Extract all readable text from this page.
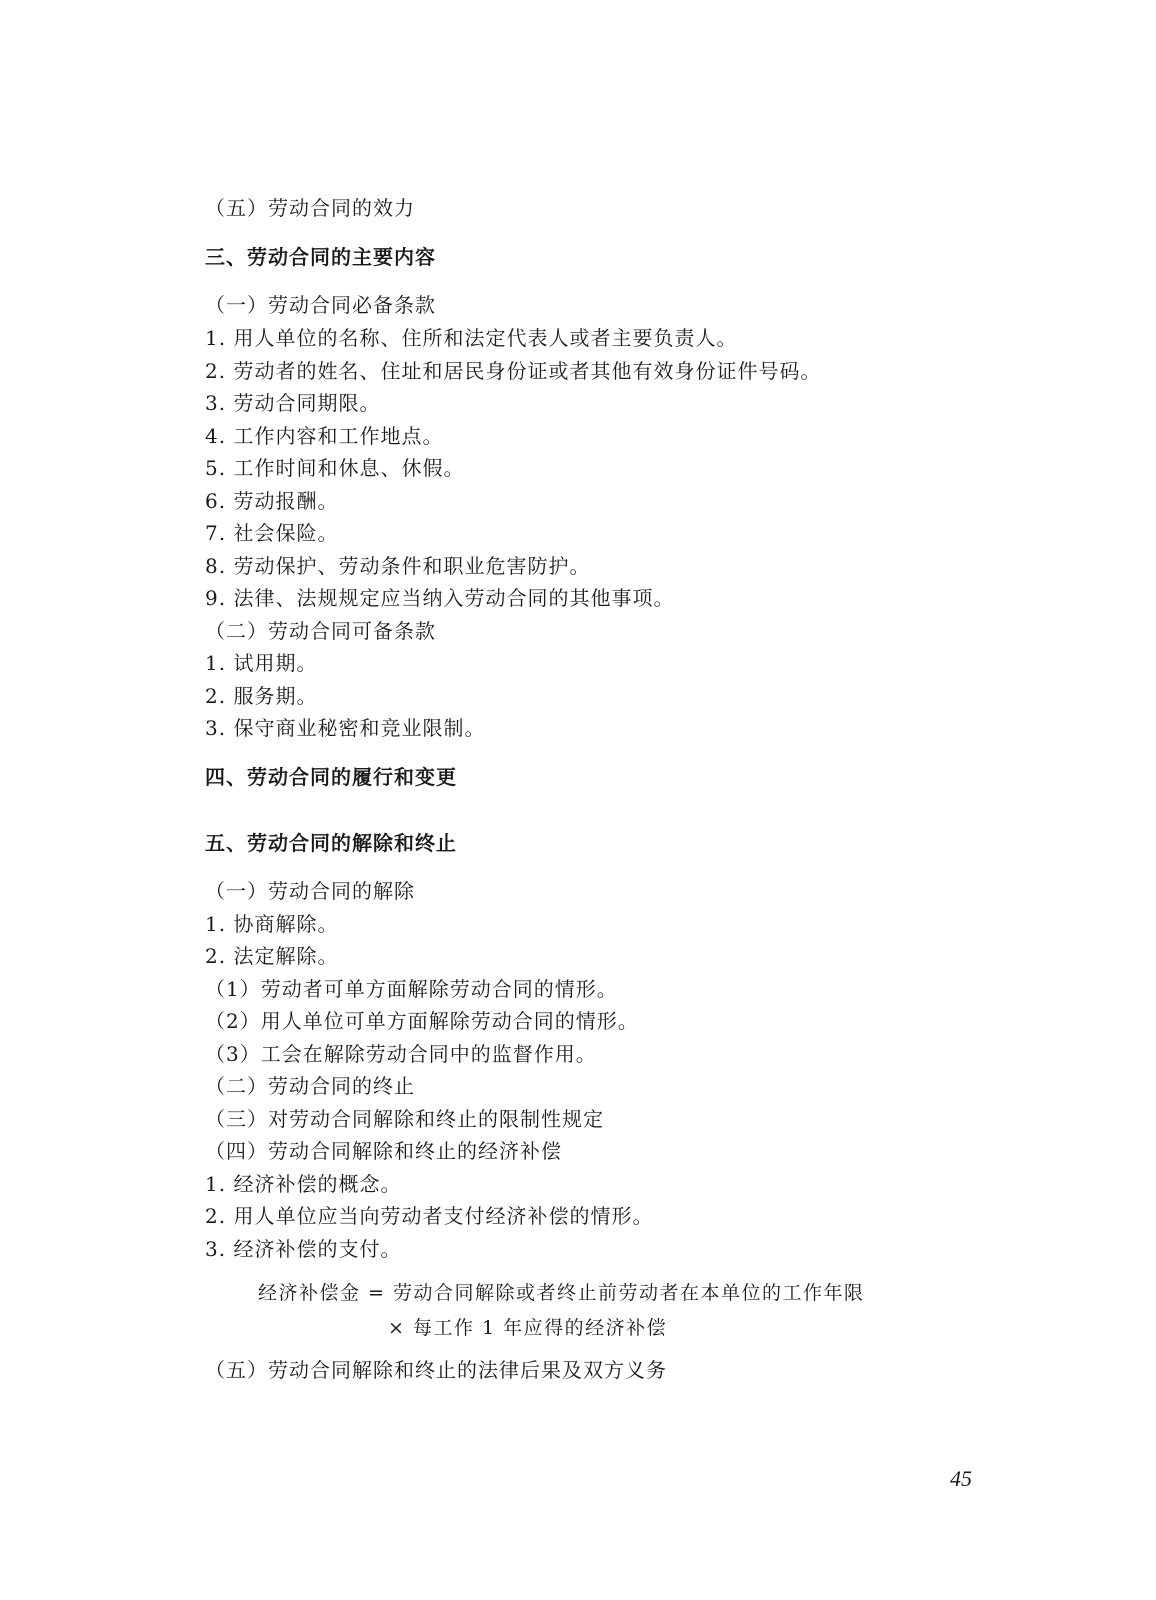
（五）劳动合同的效力
三、劳动合同的主要内容
（一）劳动合同必备条款
1. 用人单位的名称、住所和法定代表人或者主要负责人。
2. 劳动者的姓名、住址和居民身份证或者其他有效身份证件号码。
3. 劳动合同期限。
4. 工作内容和工作地点。
5. 工作时间和休息、休假。
6. 劳动报酬。
7. 社会保险。
8. 劳动保护、劳动条件和职业危害防护。
9. 法律、法规规定应当纳入劳动合同的其他事项。
（二）劳动合同可备条款
1. 试用期。
2. 服务期。
3. 保守商业秘密和竞业限制。
四、劳动合同的履行和变更
五、劳动合同的解除和终止
（一）劳动合同的解除
1. 协商解除。
2. 法定解除。
（1）劳动者可单方面解除劳动合同的情形。
（2）用人单位可单方面解除劳动合同的情形。
（3）工会在解除劳动合同中的监督作用。
（二）劳动合同的终止
（三）对劳动合同解除和终止的限制性规定
（四）劳动合同解除和终止的经济补偿
1. 经济补偿的概念。
2. 用人单位应当向劳动者支付经济补偿的情形。
3. 经济补偿的支付。
经济补偿金 = 劳动合同解除或者终止前劳动者在本单位的工作年限
× 每工作 1 年应得的经济补偿
（五）劳动合同解除和终止的法律后果及双方义务
45
